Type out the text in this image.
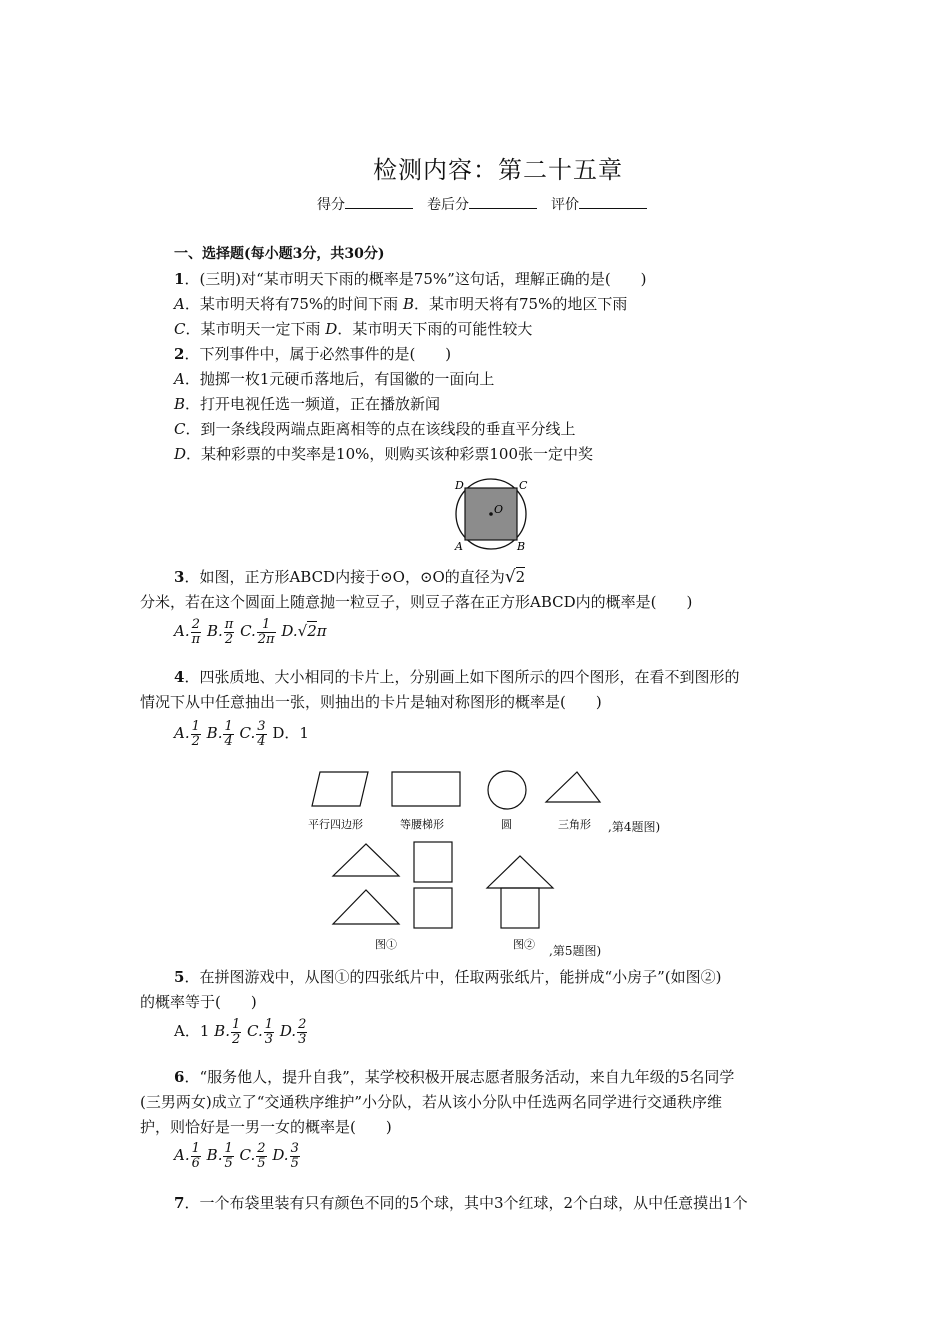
检测内容：第二十五章
得分	卷后分	评价
一、选择题(每小题3分，共30分)
1．(三明)对“某市明天下雨的概率是75%”这句话，理解正确的是(　　)
A．某市明天将有75%的时间下雨 B．某市明天将有75%的地区下雨
C．某市明天一定下雨 D．某市明天下雨的可能性较大
2．下列事件中，属于必然事件的是(　　)
A．抛掷一枚1元硬币落地后，有国徽的一面向上
B．打开电视任选一频道，正在播放新闻
C．到一条线段两端点距离相等的点在该线段的垂直平分线上
D．某种彩票的中奖率是10%，则购买该种彩票100张一定中奖
O
D	C
A	B
3．如图，正方形ABCD内接于⊙O，⊙O的直径为√2
分米，若在这个圆面上随意抛一粒豆子，则豆子落在正方形ABCD内的概率是(　　)
A. $\frac{2}{\pi} B$. $\frac{\pi}{2} C$. $\frac{1}{2\pi} D.√2\pi$
4．四张质地、大小相同的卡片上，分别画上如下图所示的四个图形，在看不到图形的
情况下从中任意抽出一张，则抽出的卡片是轴对称图形的概率是(　　)
A. $\frac{1}{2} B$. $\frac{1}{4} C$. $\frac{3}{4}$ D．1
平行四边形	等腰梯形	圆	三角形 ,第4题图)
图①	图② ,第5题图)
5．在拼图游戏中，从图①的四张纸片中，任取两张纸片，能拼成“小房子”(如图②)
的概率等于(　　)
A．1 B. $\frac{1}{2} C$. $\frac{1}{3} D$. $\frac{2}{3}$
6．“服务他人，提升自我”，某学校积极开展志愿者服务活动，来自九年级的5名同学
(三男两女)成立了“交通秩序维护”小分队，若从该小分队中任选两名同学进行交通秩序维
护，则恰好是一男一女的概率是(　　)
A. $\frac{1}{6} B$. $\frac{1}{5} C$. $\frac{2}{5} D$. $\frac{3}{5}$
7．一个布袋里装有只有颜色不同的5个球，其中3个红球，2个白球，从中任意摸出1个
